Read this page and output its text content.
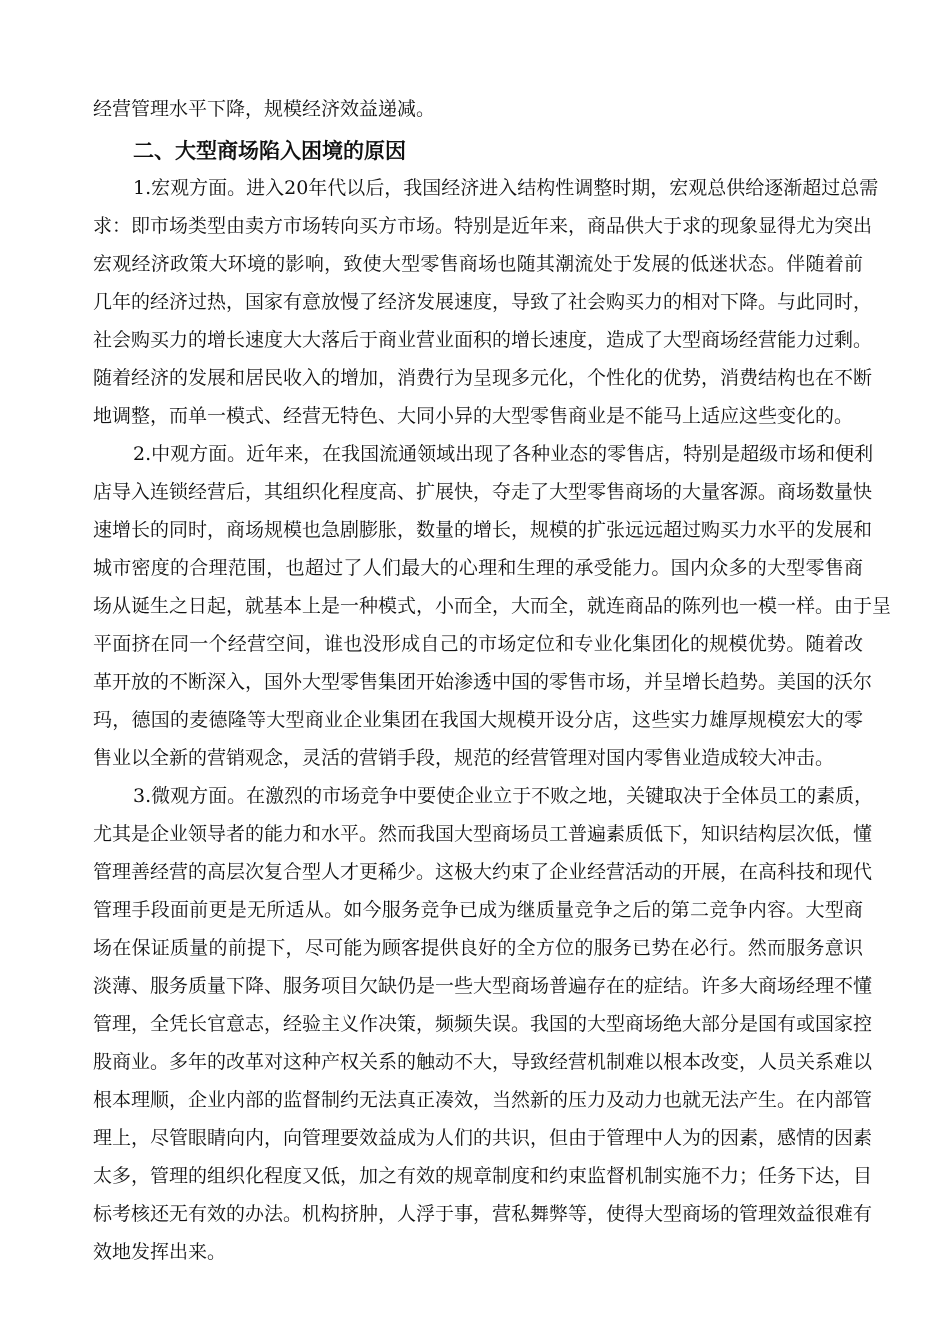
经营管理水平下降，规模经济效益递减。
二、大型商场陷入困境的原因
1.宏观方面。进入20年代以后，我国经济进入结构性调整时期，宏观总供给逐渐超过总需
求：即市场类型由卖方市场转向买方市场。特别是近年来，商品供大于求的现象显得尤为突出
宏观经济政策大环境的影响，致使大型零售商场也随其潮流处于发展的低迷状态。伴随着前
几年的经济过热，国家有意放慢了经济发展速度，导致了社会购买力的相对下降。与此同时，
社会购买力的增长速度大大落后于商业营业面积的增长速度，造成了大型商场经营能力过剩。
随着经济的发展和居民收入的增加，消费行为呈现多元化，个性化的优势，消费结构也在不断
地调整，而单一模式、经营无特色、大同小异的大型零售商业是不能马上适应这些变化的。
2.中观方面。近年来，在我国流通领域出现了各种业态的零售店，特别是超级市场和便利
店导入连锁经营后，其组织化程度高、扩展快，夺走了大型零售商场的大量客源。商场数量快
速增长的同时，商场规模也急剧膨胀，数量的增长，规模的扩张远远超过购买力水平的发展和
城市密度的合理范围，也超过了人们最大的心理和生理的承受能力。国内众多的大型零售商
场从诞生之日起，就基本上是一种模式，小而全，大而全，就连商品的陈列也一模一样。由于呈
平面挤在同一个经营空间，谁也没形成自己的市场定位和专业化集团化的规模优势。随着改
革开放的不断深入，国外大型零售集团开始渗透中国的零售市场，并呈增长趋势。美国的沃尔
玛，德国的麦德隆等大型商业企业集团在我国大规模开设分店，这些实力雄厚规模宏大的零
售业以全新的营销观念，灵活的营销手段，规范的经营管理对国内零售业造成较大冲击。
3.微观方面。在激烈的市场竞争中要使企业立于不败之地，关键取决于全体员工的素质，
尤其是企业领导者的能力和水平。然而我国大型商场员工普遍素质低下，知识结构层次低，懂
管理善经营的高层次复合型人才更稀少。这极大约束了企业经营活动的开展，在高科技和现代
管理手段面前更是无所适从。如今服务竞争已成为继质量竞争之后的第二竞争内容。大型商
场在保证质量的前提下，尽可能为顾客提供良好的全方位的服务已势在必行。然而服务意识
淡薄、服务质量下降、服务项目欠缺仍是一些大型商场普遍存在的症结。许多大商场经理不懂
管理，全凭长官意志，经验主义作决策，频频失误。我国的大型商场绝大部分是国有或国家控
股商业。多年的改革对这种产权关系的触动不大，导致经营机制难以根本改变，人员关系难以
根本理顺，企业内部的监督制约无法真正凑效，当然新的压力及动力也就无法产生。在内部管
理上，尽管眼睛向内，向管理要效益成为人们的共识，但由于管理中人为的因素，感情的因素
太多，管理的组织化程度又低，加之有效的规章制度和约束监督机制实施不力；任务下达，目
标考核还无有效的办法。机构挤肿，人浮于事，营私舞弊等，使得大型商场的管理效益很难有
效地发挥出来。
